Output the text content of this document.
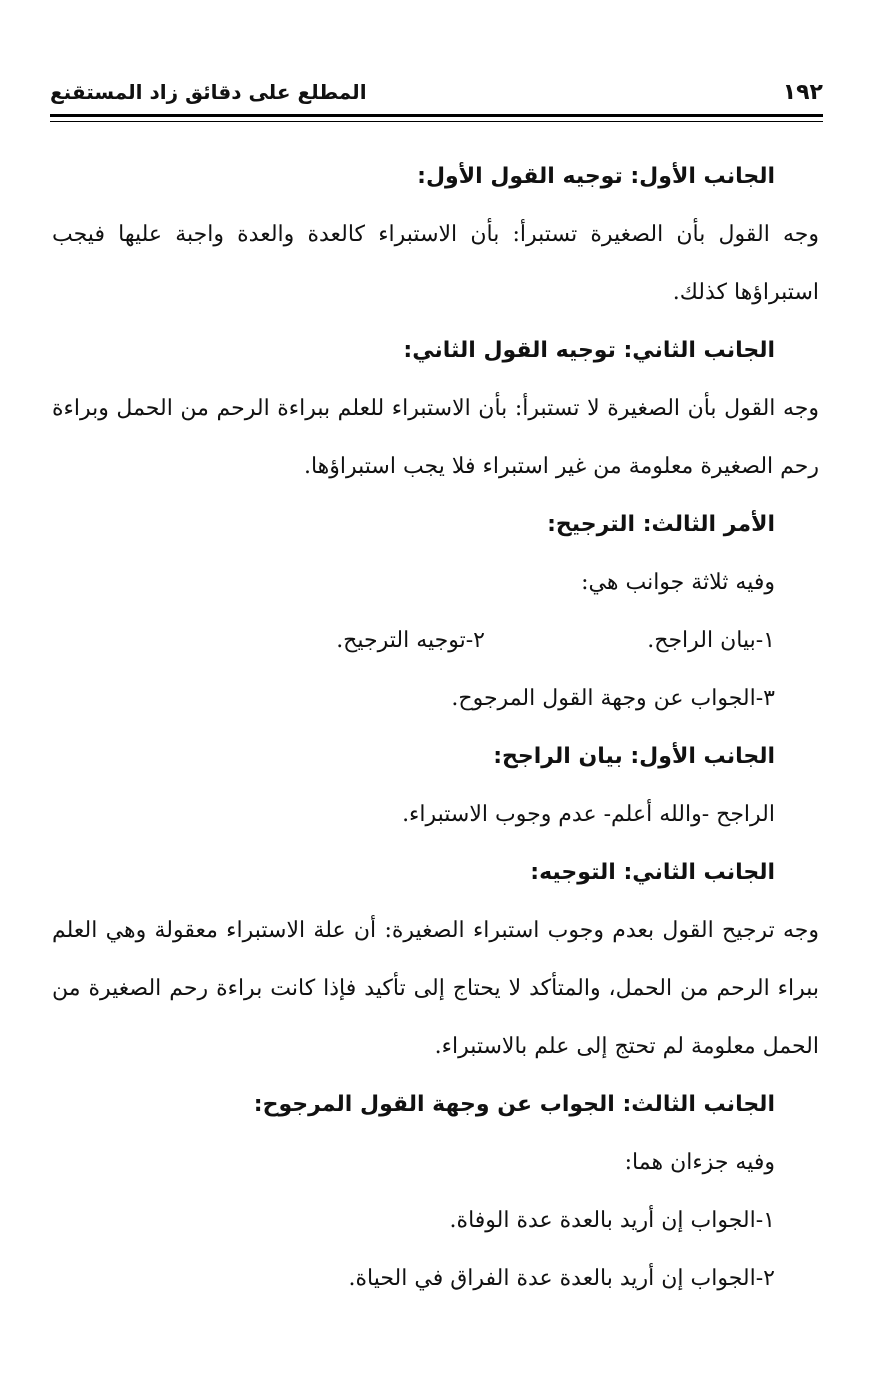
١٩٢
المطلع على دقائق زاد المستقنع

الجانب الأول: توجيه القول الأول:

وجه القول بأن الصغيرة تستبرأ: بأن الاستبراء كالعدة والعدة واجبة عليها فيجب استبراؤها كذلك.

الجانب الثاني: توجيه القول الثاني:

وجه القول بأن الصغيرة لا تستبرأ: بأن الاستبراء للعلم ببراءة الرحم من الحمل وبراءة رحم الصغيرة معلومة من غير استبراء فلا يجب استبراؤها.

الأمر الثالث: الترجيح:

وفيه ثلاثة جوانب هي:

١-بيان الراجح.
٢-توجيه الترجيح.

٣-الجواب عن وجهة القول المرجوح.

الجانب الأول: بيان الراجح:

الراجح -والله أعلم- عدم وجوب الاستبراء.

الجانب الثاني: التوجيه:

وجه ترجيح القول بعدم وجوب استبراء الصغيرة: أن علة الاستبراء معقولة وهي العلم ببراء الرحم من الحمل، والمتأكد لا يحتاج إلى تأكيد فإذا كانت براءة رحم الصغيرة من الحمل معلومة لم تحتج إلى علم بالاستبراء.

الجانب الثالث: الجواب عن وجهة القول المرجوح:

وفيه جزءان هما:

١-الجواب إن أريد بالعدة عدة الوفاة.

٢-الجواب إن أريد بالعدة عدة الفراق في الحياة.
